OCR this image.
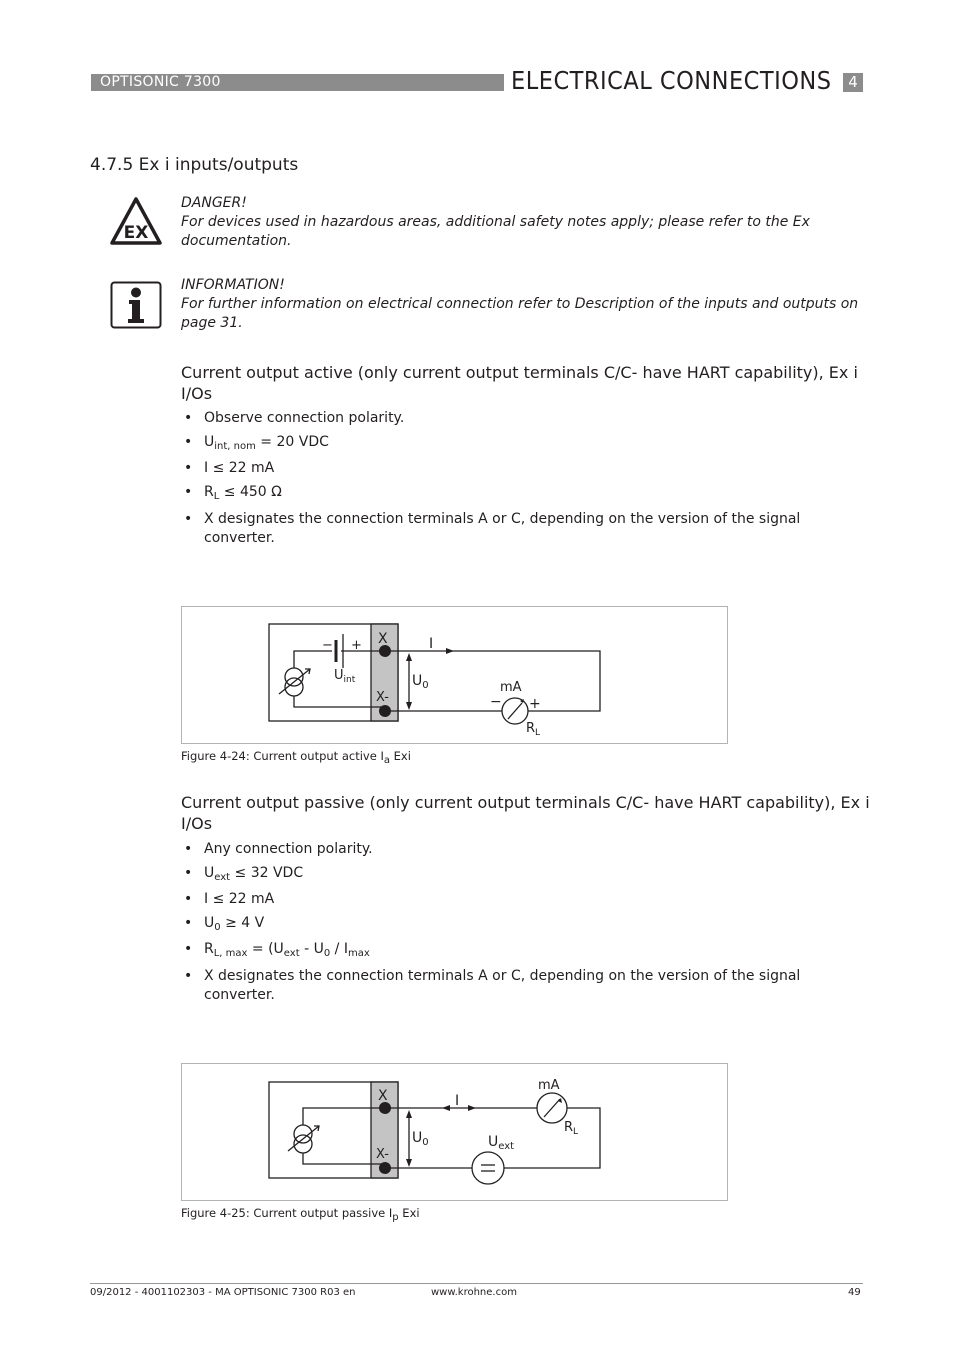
OPTISONIC 7300	ELECTRICAL CONNECTIONS	4
4.7.5 Ex i inputs/outputs
EX
DANGER!
For devices used in hazardous areas, additional safety notes apply; please refer to the Ex documentation.
INFORMATION!
For further information on electrical connection refer to Description of the inputs and outputs on page 31.
Current output active (only current output terminals C/C- have HART capability), Ex i I/Os
• Observe connection polarity.
• $U_{int, nom} = 20$ VDC
• I ≤ 22 mA
• $R_L \le 450$ Ω
• X designates the connection terminals A or C, depending on the version of the signal converter.
X
X-
I
$U_0$	mA
− +
$R_L$
$U_{int}$
− +
Figure 4-24: Current output active $I_a$ Exi
Current output passive (only current output terminals C/C- have HART capability), Ex i I/Os
• Any connection polarity.
• $U_{ext} \le 32$ VDC
• I ≤ 22 mA
• $U_0 \ge 4$ V
• $R_{L, max} = (U_{ext} - U_0 / I_{max}$
• X designates the connection terminals A or C, depending on the version of the signal converter.
X
X-
I
$U_0$
mA
$R_L$
$U_{ext}$
Figure 4-25: Current output passive $I_p$ Exi
09/2012 - 4001102303 - MA OPTISONIC 7300 R03 en	www.krohne.com	49
